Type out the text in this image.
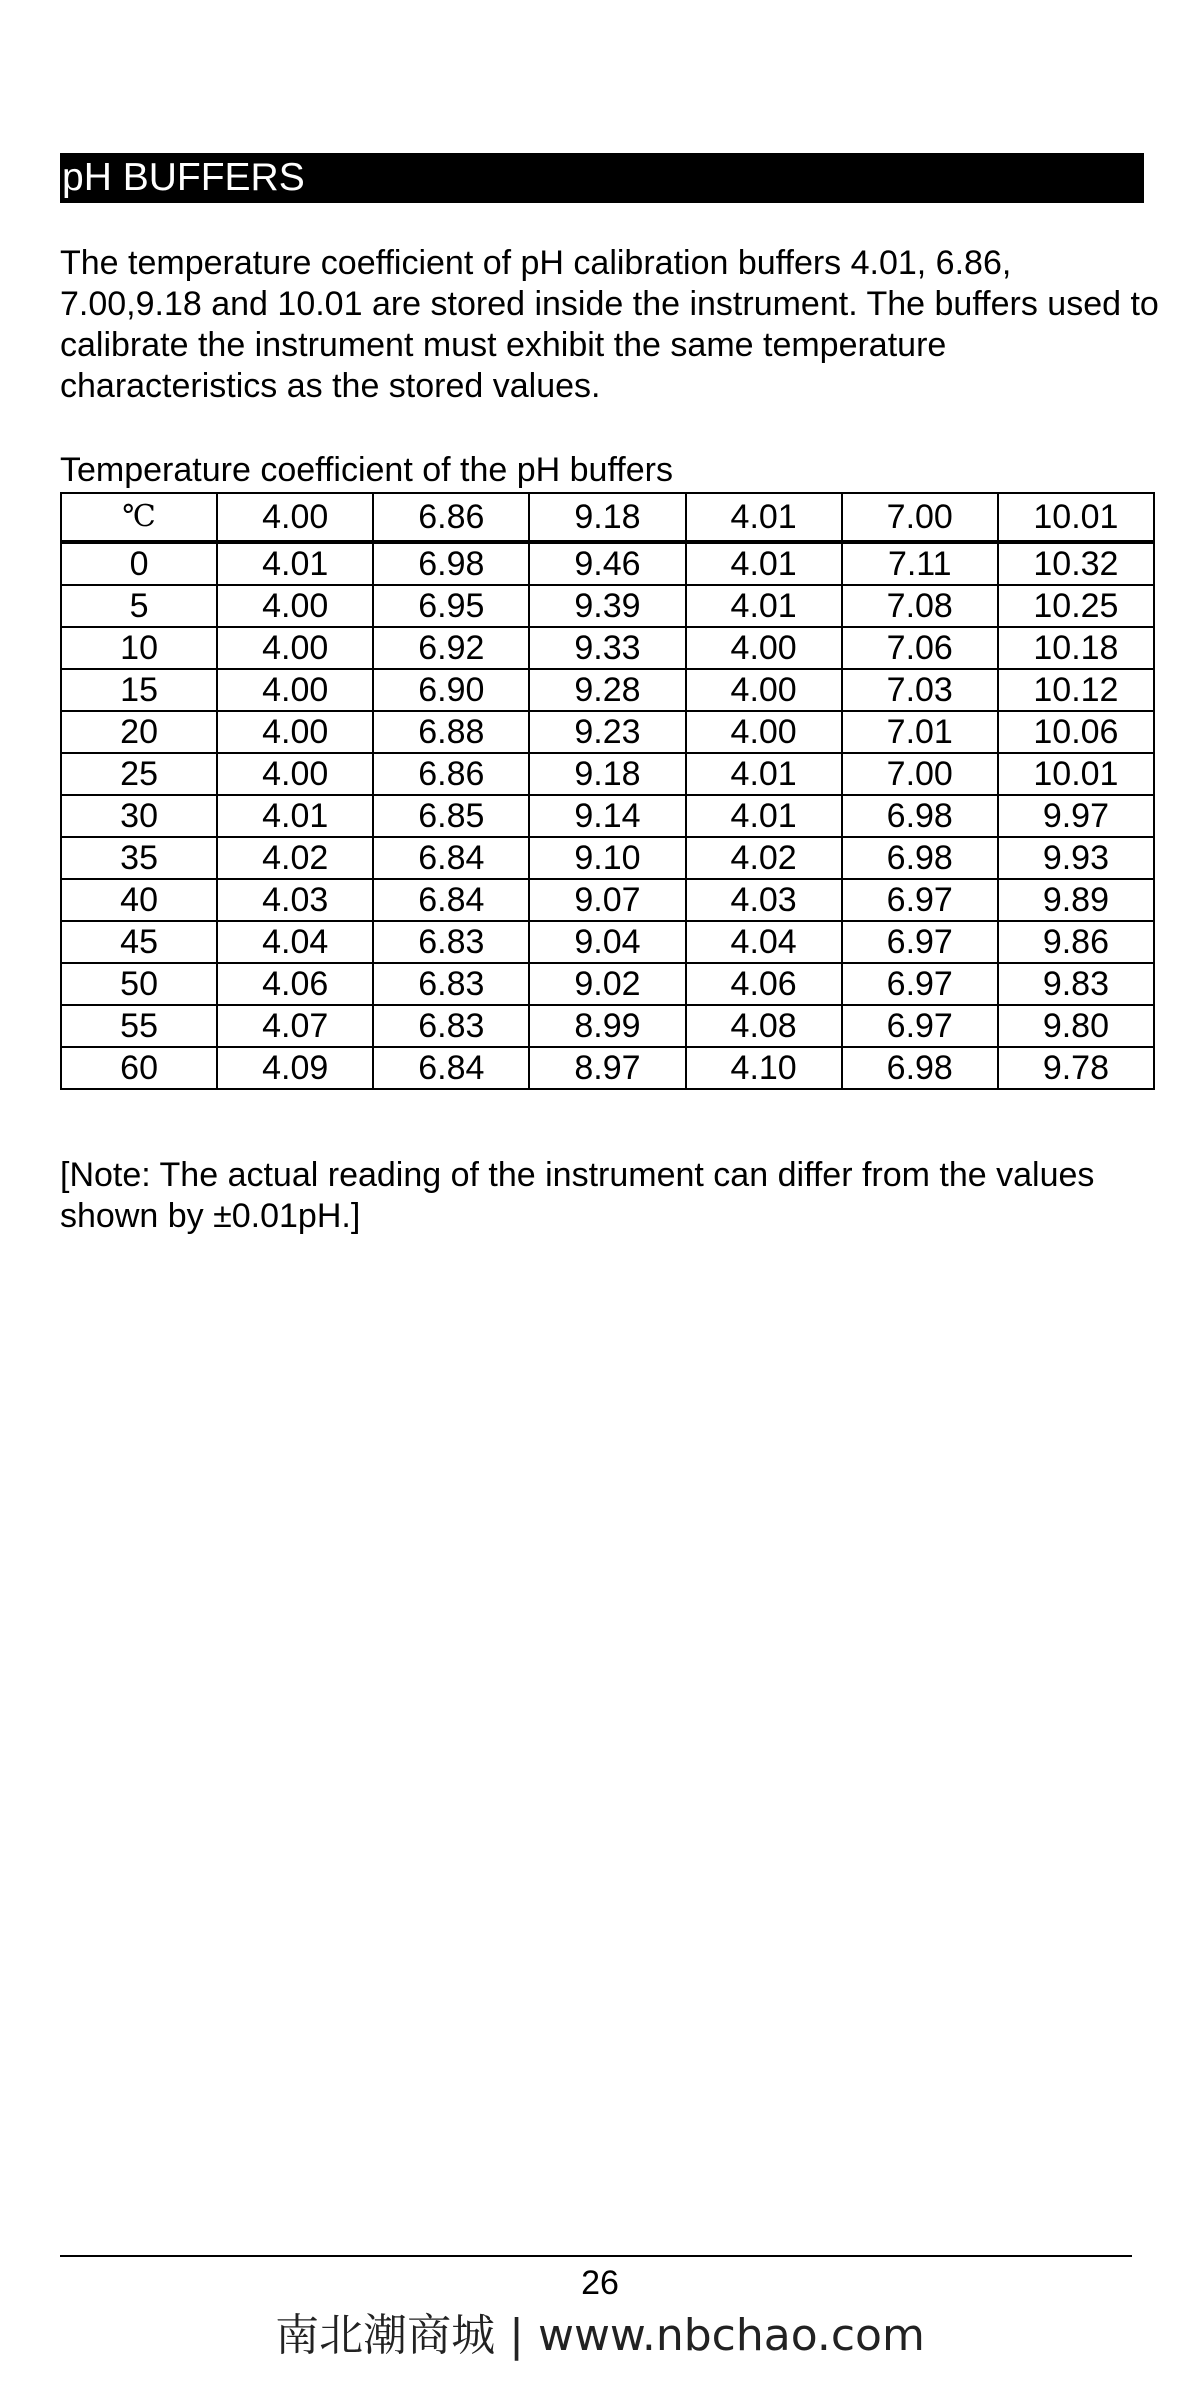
pH BUFFERS

The temperature coefficient of pH calibration buffers 4.01, 6.86, 7.00,9.18 and 10.01 are stored inside the instrument. The buffers used to calibrate the instrument must exhibit the same temperature characteristics as the stored values.

Temperature coefficient of the pH buffers
℃	4.00	6.86	9.18	4.01	7.00	10.01
0	4.01	6.98	9.46	4.01	7.11	10.32
5	4.00	6.95	9.39	4.01	7.08	10.25
10	4.00	6.92	9.33	4.00	7.06	10.18
15	4.00	6.90	9.28	4.00	7.03	10.12
20	4.00	6.88	9.23	4.00	7.01	10.06
25	4.00	6.86	9.18	4.01	7.00	10.01
30	4.01	6.85	9.14	4.01	6.98	9.97
35	4.02	6.84	9.10	4.02	6.98	9.93
40	4.03	6.84	9.07	4.03	6.97	9.89
45	4.04	6.83	9.04	4.04	6.97	9.86
50	4.06	6.83	9.02	4.06	6.97	9.83
55	4.07	6.83	8.99	4.08	6.97	9.80
60	4.09	6.84	8.97	4.10	6.98	9.78

[Note: The actual reading of the instrument can differ from the values shown by ±0.01pH.]

26
南北潮商城 | www.nbchao.com
